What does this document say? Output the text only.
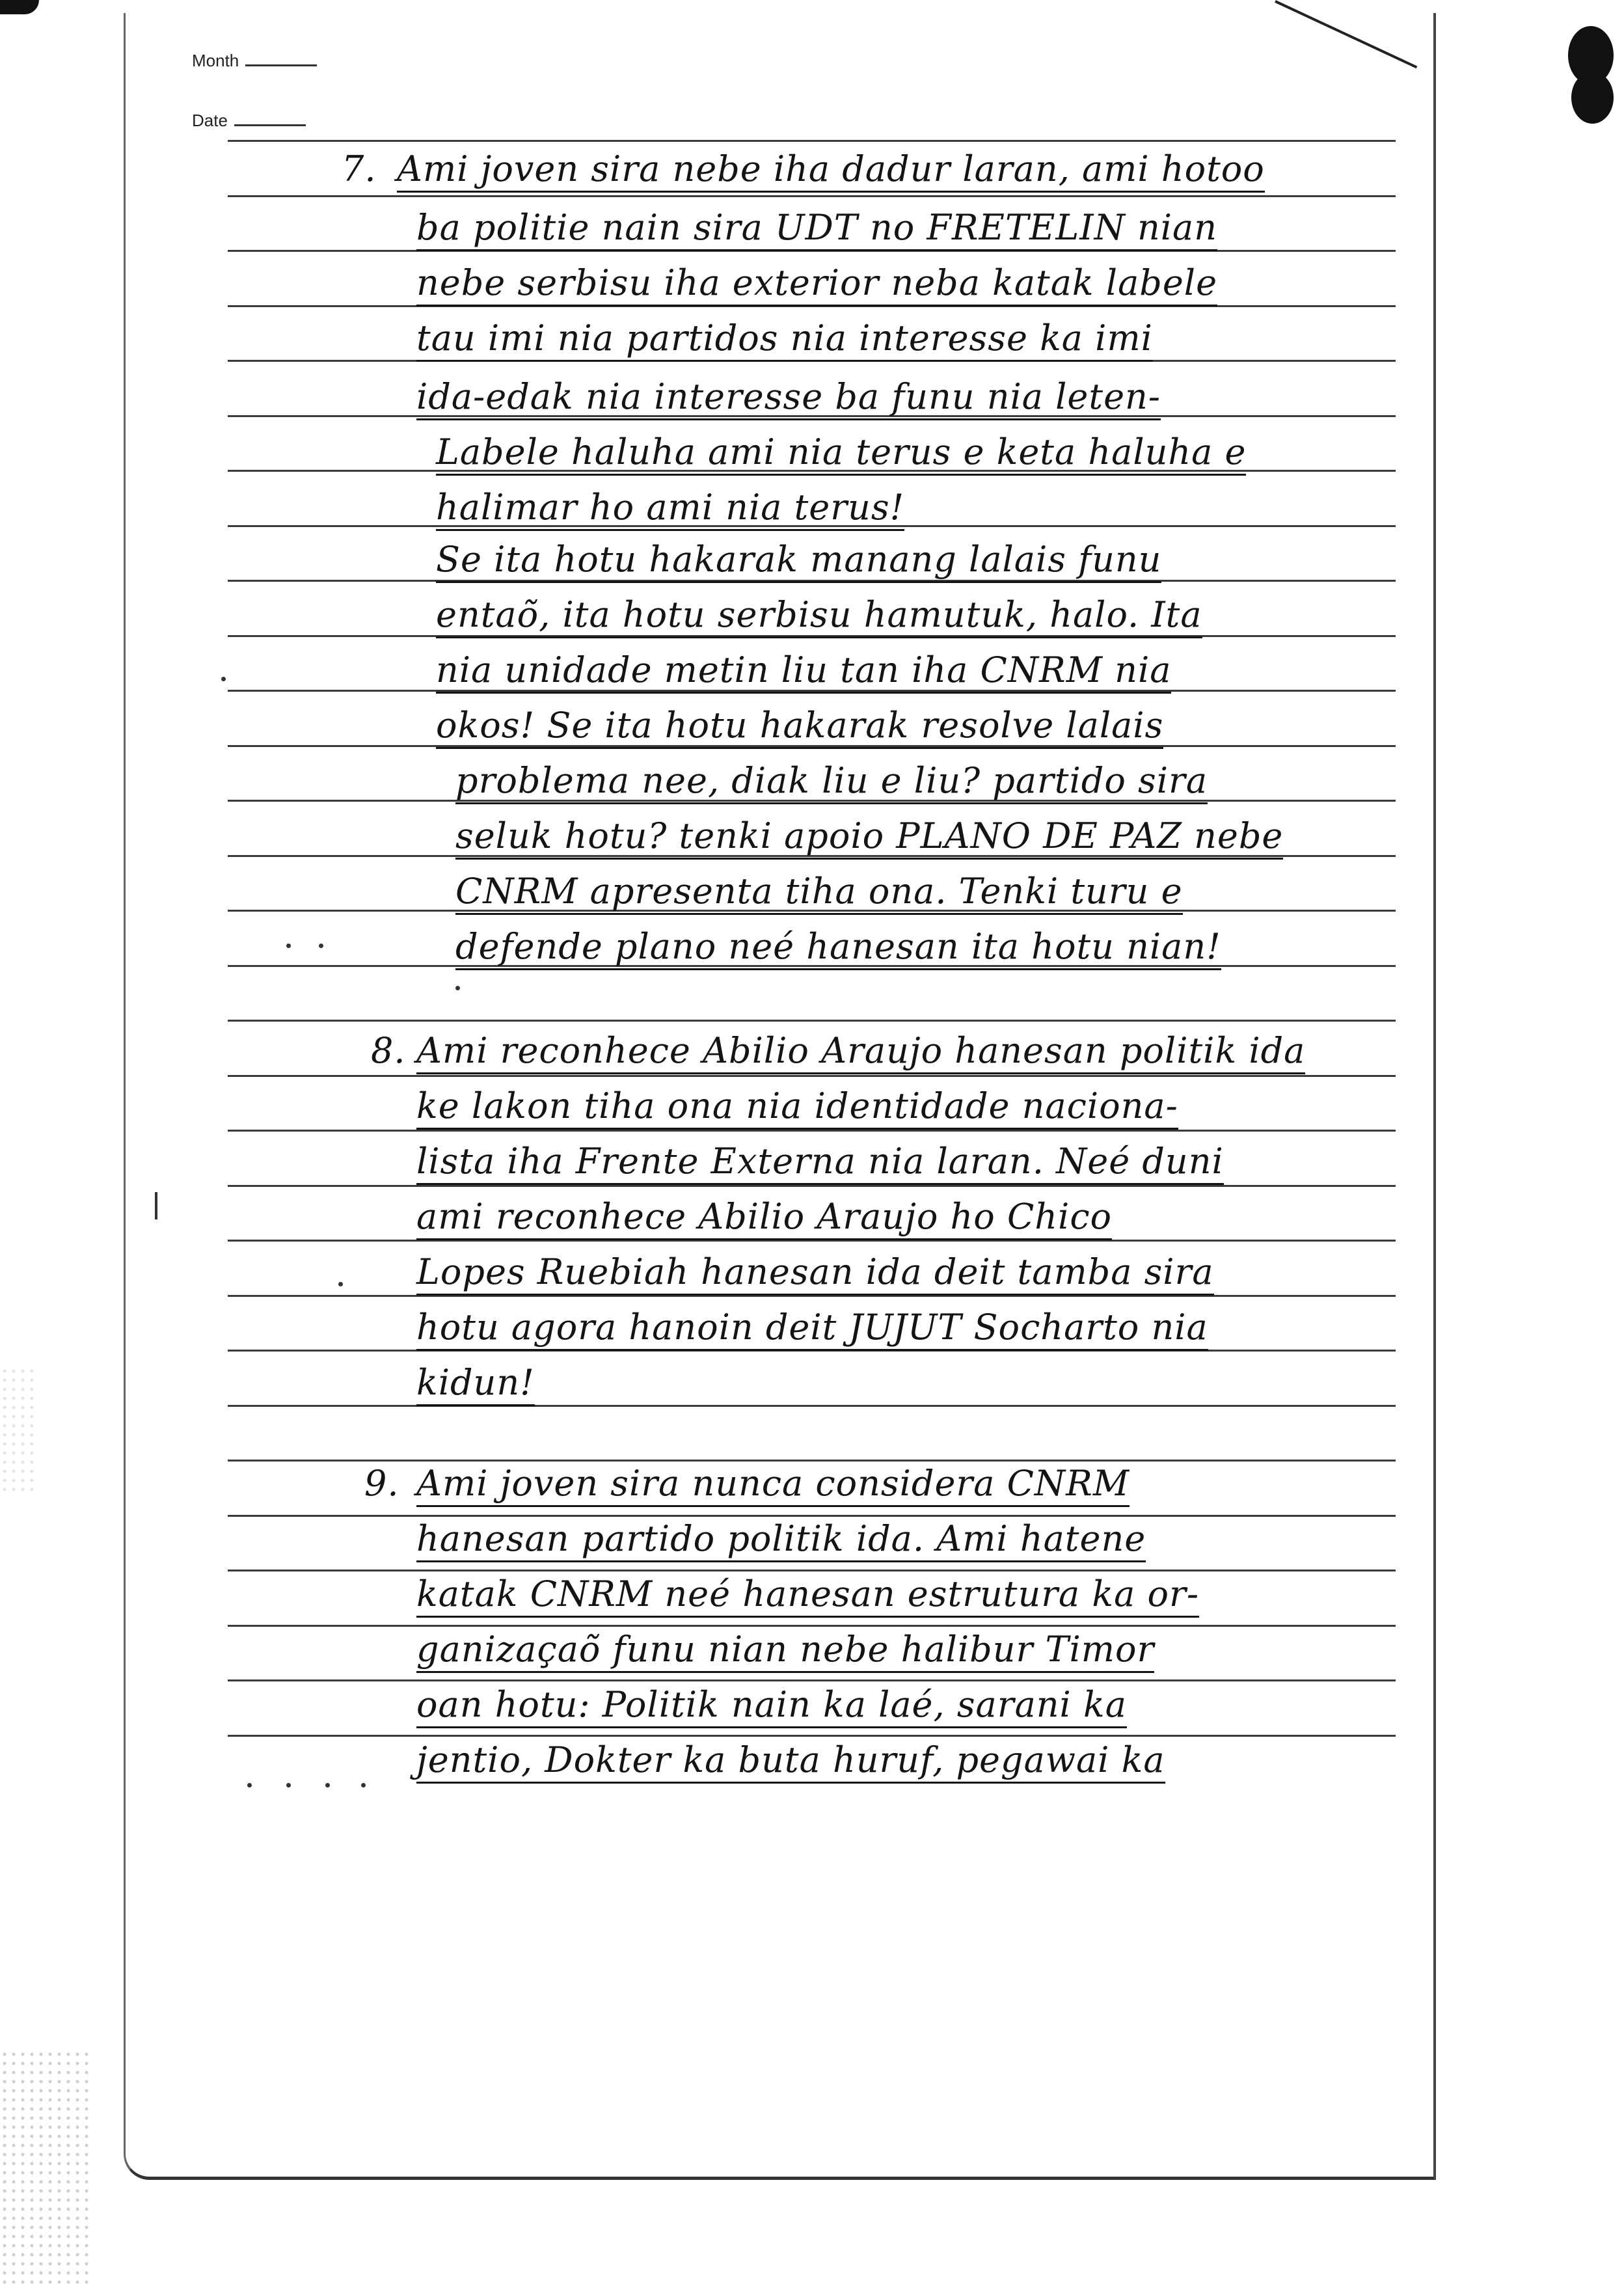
Month
Date
7. Ami joven sira nebe iha dadur laran, ami hotoo
ba politie nain sira UDT no FRETELIN nian
nebe serbisu iha exterior neba katak labele
tau imi nia partidos nia interesse ka imi
ida-edak nia interesse ba funu nia leten-
Labele haluha ami nia terus e keta haluha e
halimar ho ami nia terus!
Se ita hotu hakarak manang lalais funu
entaõ, ita hotu serbisu hamutuk, halo. Ita
nia unidade metin liu tan iha CNRM nia
okos! Se ita hotu hakarak resolve lalais
problema nee, diak liu e liu? partido sira
seluk hotu? tenki apoio PLANO DE PAZ nebe
CNRM apresenta tiha ona. Tenki turu e
defende plano neé hanesan ita hotu nian!
8. Ami reconhece Abilio Araujo hanesan politik ida
ke lakon tiha ona nia identidade naciona-
lista iha Frente Externa nia laran. Neé duni
ami reconhece Abilio Araujo ho Chico
Lopes Ruebiah hanesan ida deit tamba sira
hotu agora hanoin deit JUJUT Socharto nia
kidun!
9. Ami joven sira nunca considera CNRM
hanesan partido politik ida. Ami hatene
katak CNRM neé hanesan estrutura ka or-
ganizaçaõ funu nian nebe halibur Timor
oan hotu: Politik nain ka laé, sarani ka
jentio, Dokter ka buta huruf, pegawai ka
